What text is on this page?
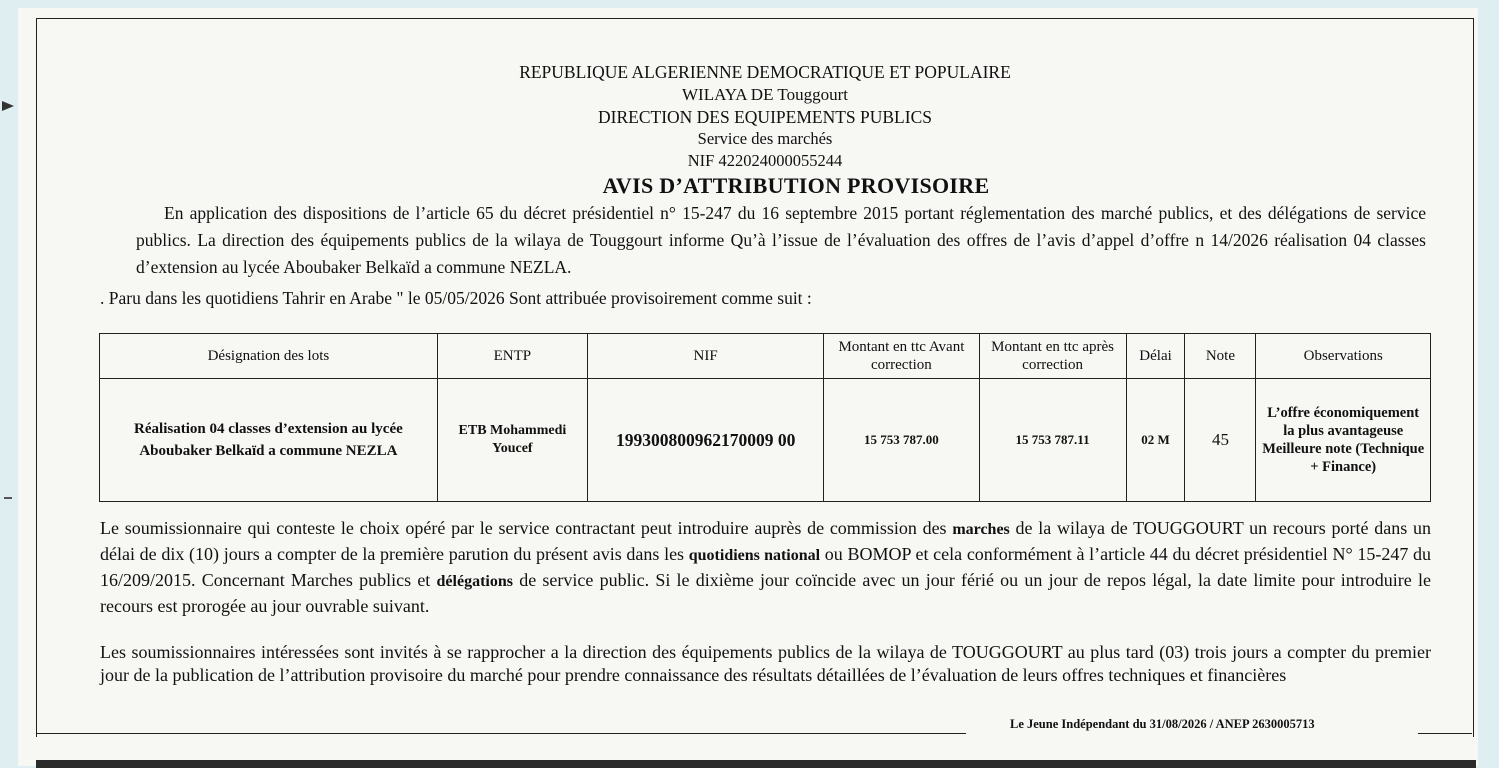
REPUBLIQUE ALGERIENNE DEMOCRATIQUE ET POPULAIRE
WILAYA DE Touggourt
DIRECTION DES EQUIPEMENTS PUBLICS
Service des marchés
NIF 422024000055244
AVIS D’ATTRIBUTION PROVISOIRE
En application des dispositions de l’article 65 du décret présidentiel n° 15-247 du 16 septembre 2015 portant réglementation des marché publics, et des délégations de service publics. La direction des équipements publics de la wilaya de Touggourt informe Qu’à l’issue de l’évaluation des offres de l’avis d’appel d’offre n 14/2026 réalisation 04 classes d’extension au lycée Aboubaker Belkaïd a commune NEZLA.
. Paru dans les quotidiens Tahrir en Arabe " le 05/05/2026 Sont attribuée provisoirement comme suit :
Désignation des lots	ENTP	NIF	Montant en ttc Avant correction	Montant en ttc après correction	Délai	Note	Observations
Réalisation 04 classes d’extension au lycée Aboubaker Belkaïd a commune NEZLA	ETB Mohammedi Youcef	199300800962170009 00	15 753 787.00	15 753 787.11	02 M	45	L’offre économiquement la plus avantageuse Meilleure note (Technique + Finance)
Le soumissionnaire qui conteste le choix opéré par le service contractant peut introduire auprès de commission des marches de la wilaya de TOUGGOURT un recours porté dans un délai de dix (10) jours a compter de la première parution du présent avis dans les quotidiens national ou BOMOP et cela conformément à l’article 44 du décret présidentiel N° 15-247 du 16/209/2015. Concernant Marches publics et délégations de service public. Si le dixième jour coïncide avec un jour férié ou un jour de repos légal, la date limite pour introduire le recours est prorogée au jour ouvrable suivant.
Les soumissionnaires intéressées sont invités à se rapprocher a la direction des équipements publics de la wilaya de TOUGGOURT au plus tard (03) trois jours a compter du premier jour de la publication de l’attribution provisoire du marché pour prendre connaissance des résultats détaillées de l’évaluation de leurs offres techniques et financières
Le Jeune Indépendant du 31/08/2026 / ANEP 2630005713
